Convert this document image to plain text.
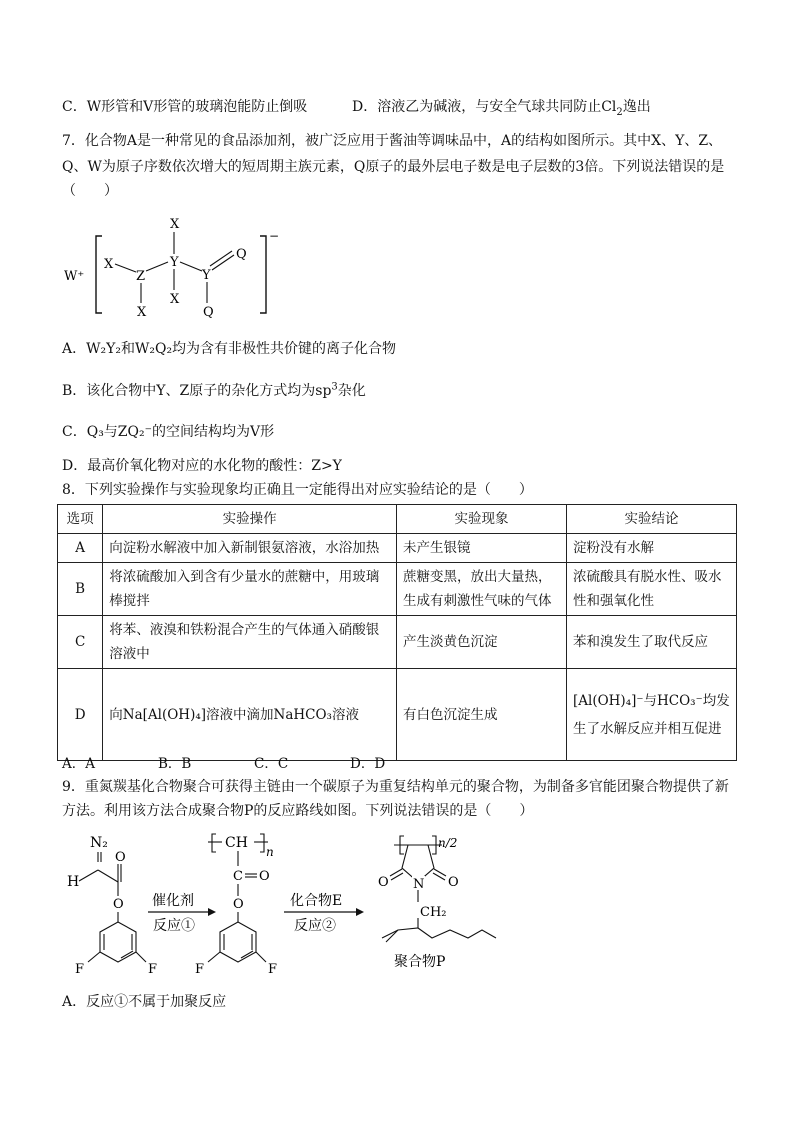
C．W形管和V形管的玻璃泡能防止倒吸	D．溶液乙为碱液，与安全气球共同防止$Cl_2$逸出
7．化合物A是一种常见的食品添加剂，被广泛应用于酱油等调味品中，A的结构如图所示。其中X、Y、Z、
Q、W为原子序数依次增大的短周期主族元素，Q原子的最外层电子数是电子层数的3倍。下列说法错误的是
（　　）
W⁺
−
X
Z
X
X
Y
X
Y
Q
Q
A．W₂Y₂和W₂Q₂均为含有非极性共价键的离子化合物
B．该化合物中Y、Z原子的杂化方式均为$sp^3$杂化
C．Q₃与ZQ₂⁻的空间结构均为V形
D．最高价氧化物对应的水化物的酸性：Z>Y
8．下列实验操作与实验现象均正确且一定能得出对应实验结论的是（　　）
选项	实验操作	实验现象	实验结论
A	向淀粉水解液中加入新制银氨溶液，水浴加热	未产生银镜	淀粉没有水解
B	将浓硫酸加入到含有少量水的蔗糖中，用玻璃棒搅拌	蔗糖变黑，放出大量热，生成有刺激性气味的气体	浓硫酸具有脱水性、吸水性和强氧化性
C	将苯、液溴和铁粉混合产生的气体通入硝酸银溶液中	产生淡黄色沉淀	苯和溴发生了取代反应
D	向Na[Al(OH)₄]溶液中滴加NaHCO₃溶液	有白色沉淀生成	[Al(OH)₄]⁻与HCO₃⁻均发生了水解反应并相互促进
A．A	B．B	C．C	D．D
9．重氮羰基化合物聚合可获得主链由一个碳原子为重复结构单元的聚合物，为制备多官能团聚合物提供了新
方法。利用该方法合成聚合物P的反应路线如图。下列说法错误的是（　　）
N₂
H
O
O
F	F
催化剂
反应①
CH
n
C O
O
F	F
化合物E
反应②
n/2
O	O
N
CH₂
聚合物P
A．反应①不属于加聚反应
